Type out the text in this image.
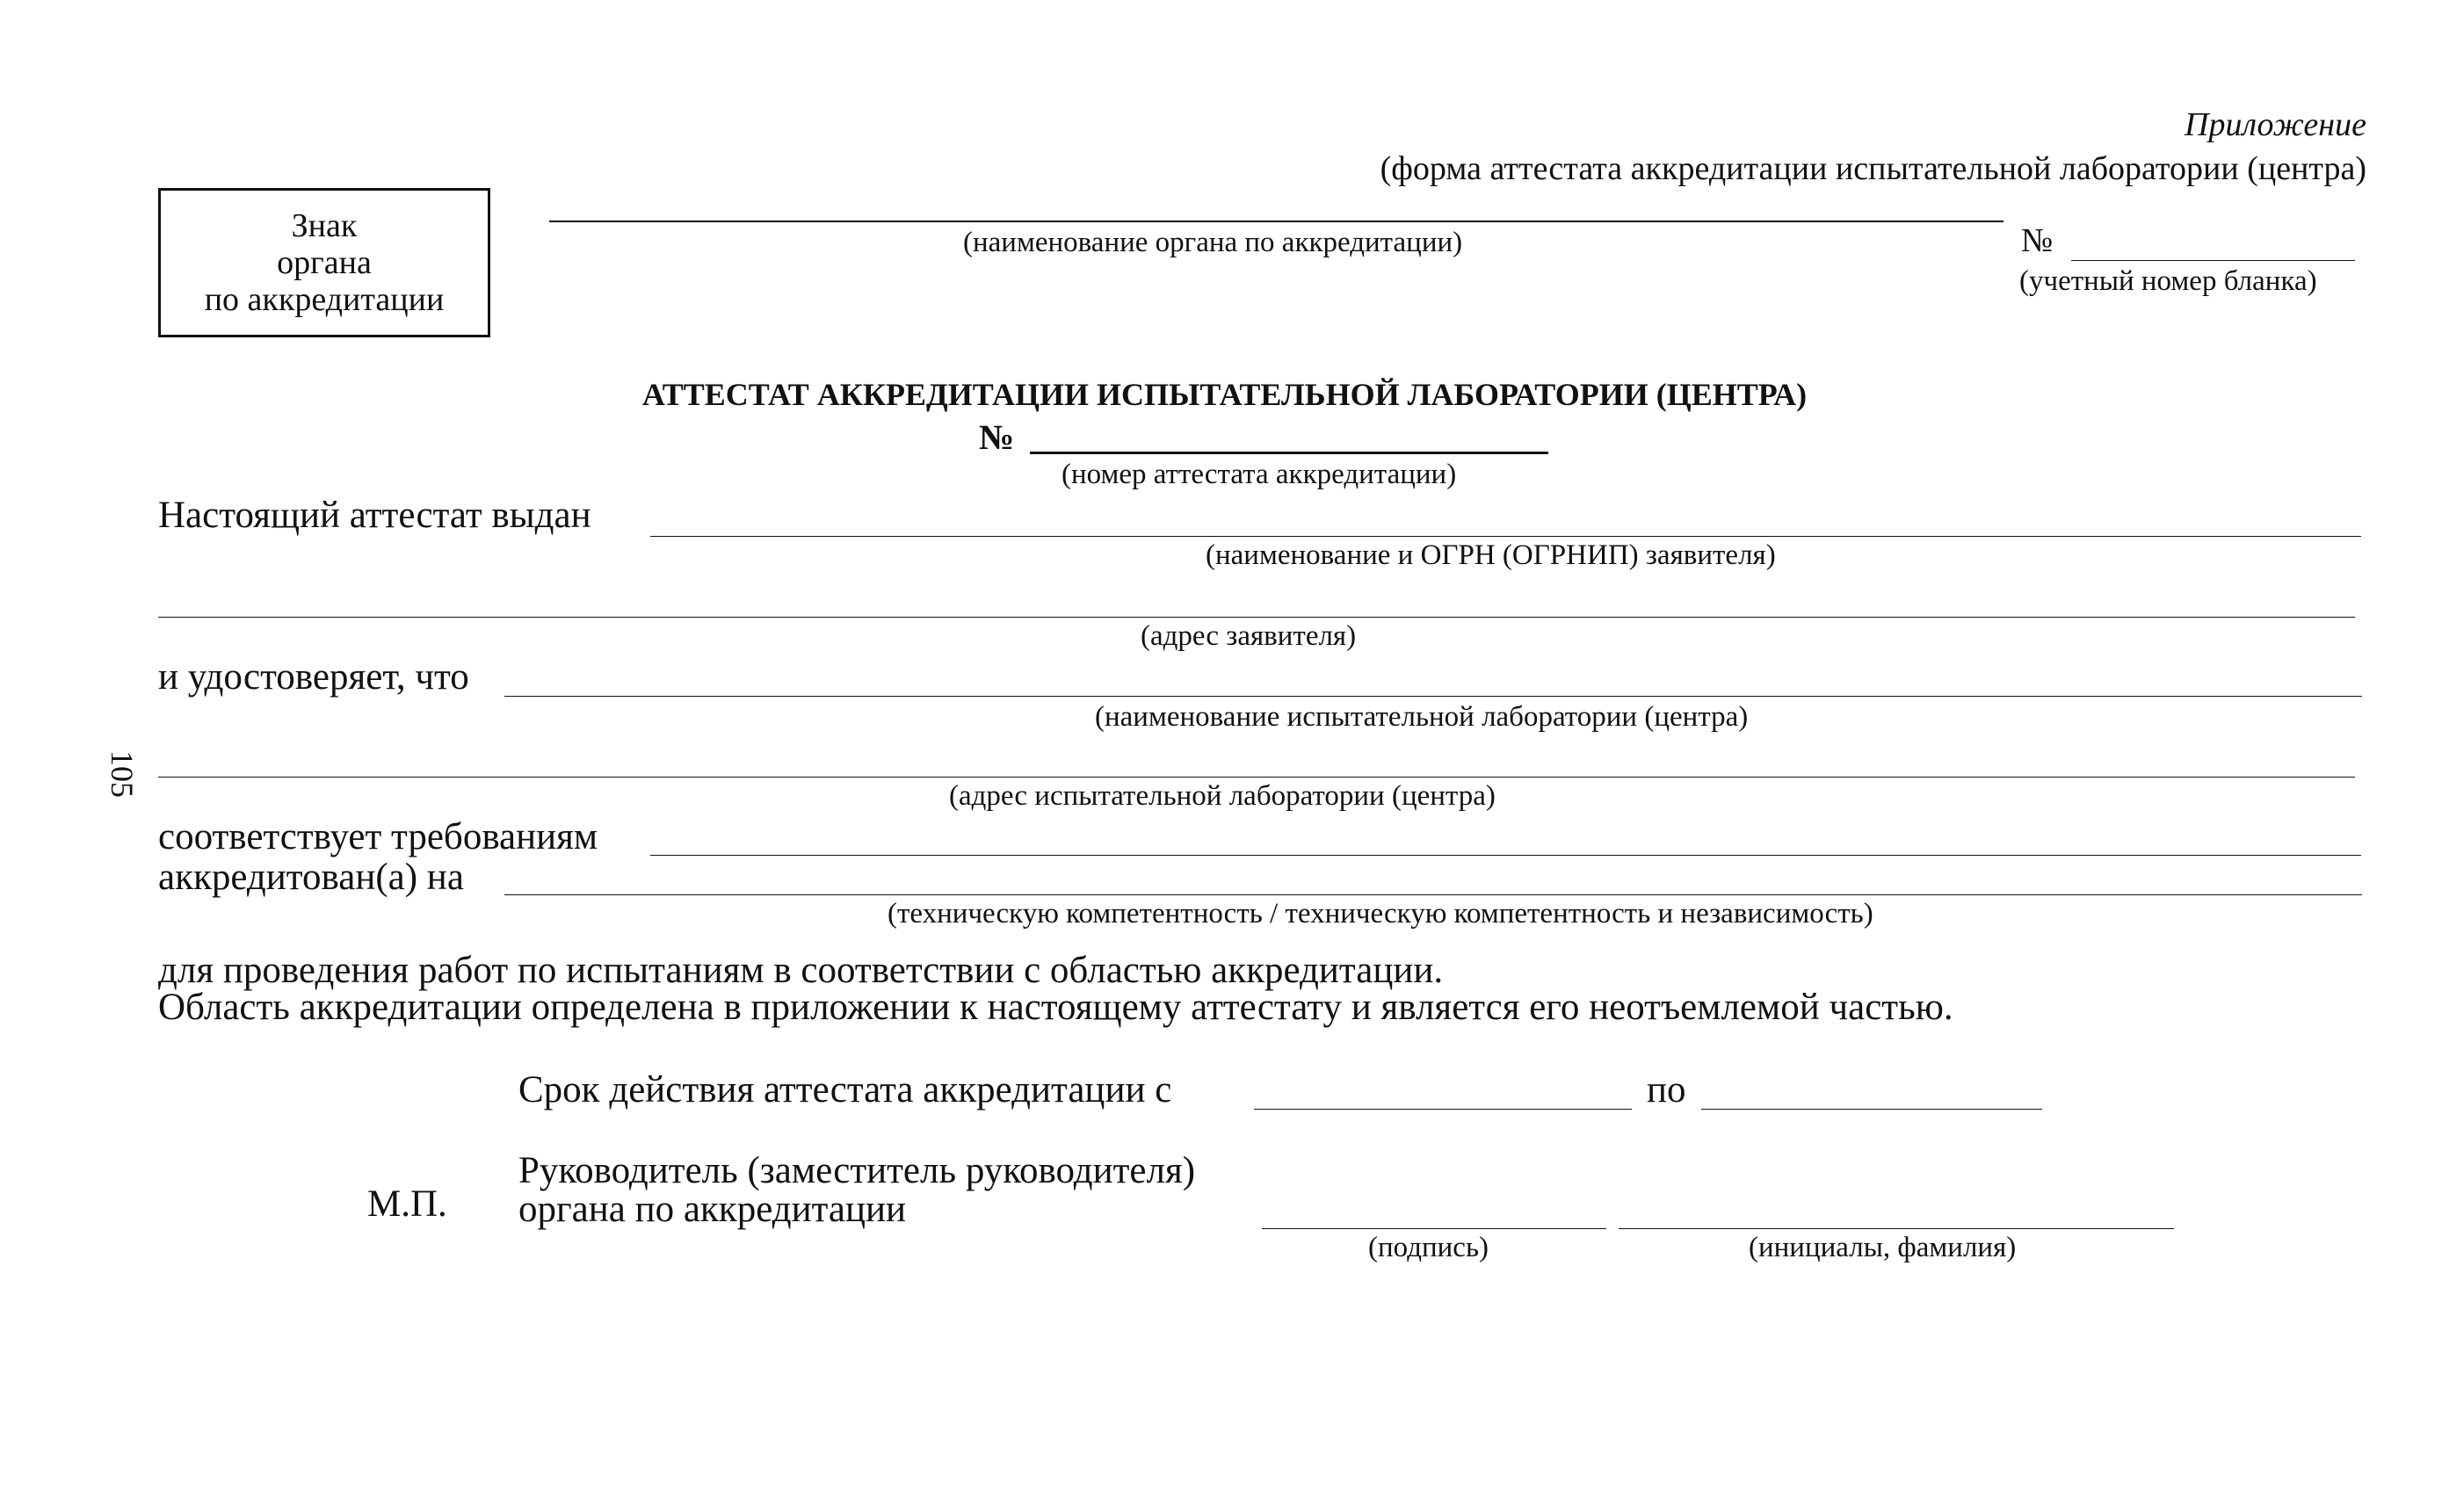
Приложение
(форма аттестата аккредитации испытательной лаборатории (центра)
Знак
органа
по аккредитации
(наименование органа по аккредитации)	№
(учетный номер бланка)
АТТЕСТАТ АККРЕДИТАЦИИ ИСПЫТАТЕЛЬНОЙ ЛАБОРАТОРИИ (ЦЕНТРА)
№
(номер аттестата аккредитации)
Настоящий аттестат выдан
(наименование и ОГРН (ОГРНИП) заявителя)
(адрес заявителя)
и удостоверяет, что
(наименование испытательной лаборатории (центра)
(адрес испытательной лаборатории (центра)
соответствует требованиям
аккредитован(а) на
(техническую компетентность / техническую компетентность и независимость)
для проведения работ по испытаниям в соответствии с областью аккредитации.
Область аккредитации определена в приложении к настоящему аттестату и является его неотъемлемой частью.
Срок действия аттестата аккредитации с	по
М.П.
Руководитель (заместитель руководителя)
органа по аккредитации
(подпись)	(инициалы, фамилия)
105
